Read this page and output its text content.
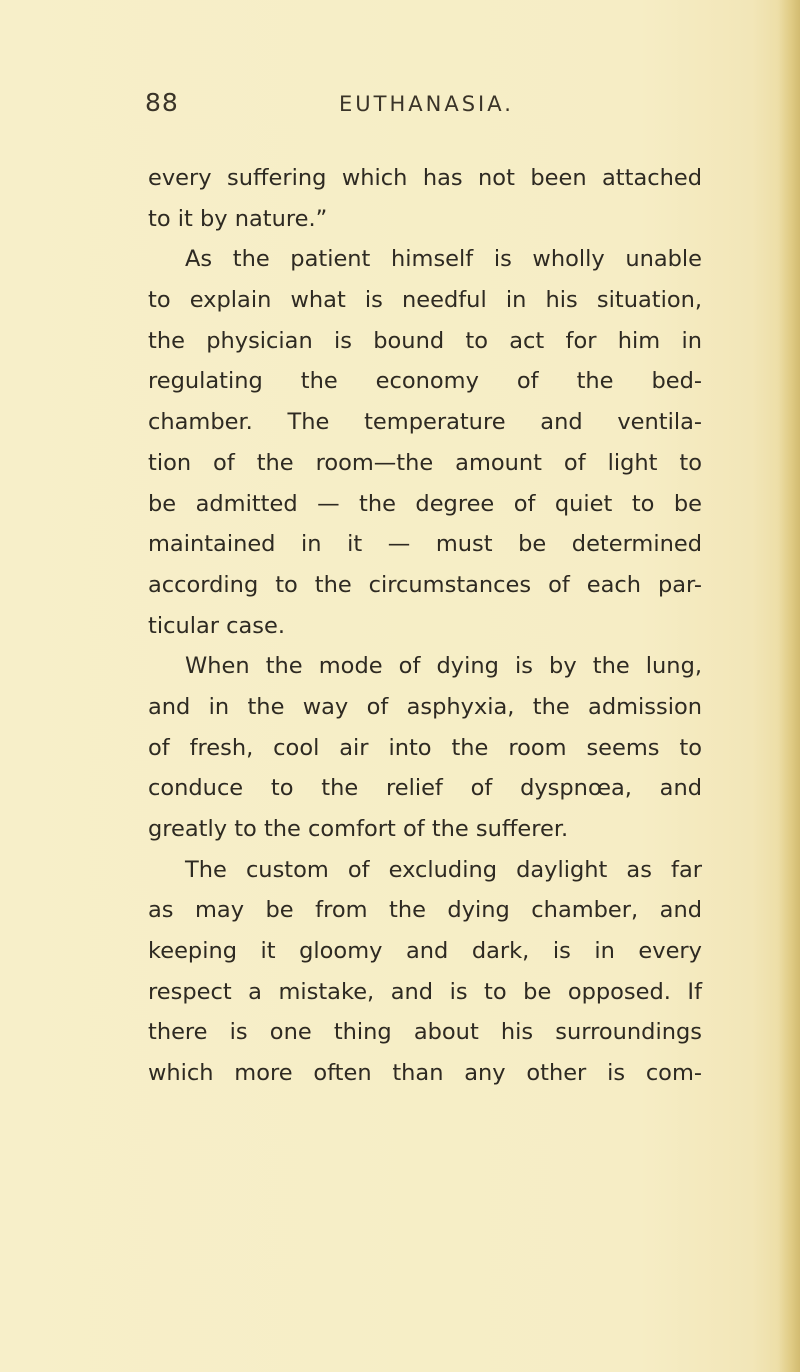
88	EUTHANASIA.
every suffering which has not been attached
to it by nature.”
As the patient himself is wholly unable
to explain what is needful in his situation,
the physician is bound to act for him in
regulating the economy of the bed-
chamber. The temperature and ventila-
tion of the room—the amount of light to
be admitted — the degree of quiet to be
maintained in it — must be determined
according to the circumstances of each par-
ticular case.
When the mode of dying is by the lung,
and in the way of asphyxia, the admission
of fresh, cool air into the room seems to
conduce to the relief of dyspnœa, and
greatly to the comfort of the sufferer.
The custom of excluding daylight as far
as may be from the dying chamber, and
keeping it gloomy and dark, is in every
respect a mistake, and is to be opposed. If
there is one thing about his surroundings
which more often than any other is com-
